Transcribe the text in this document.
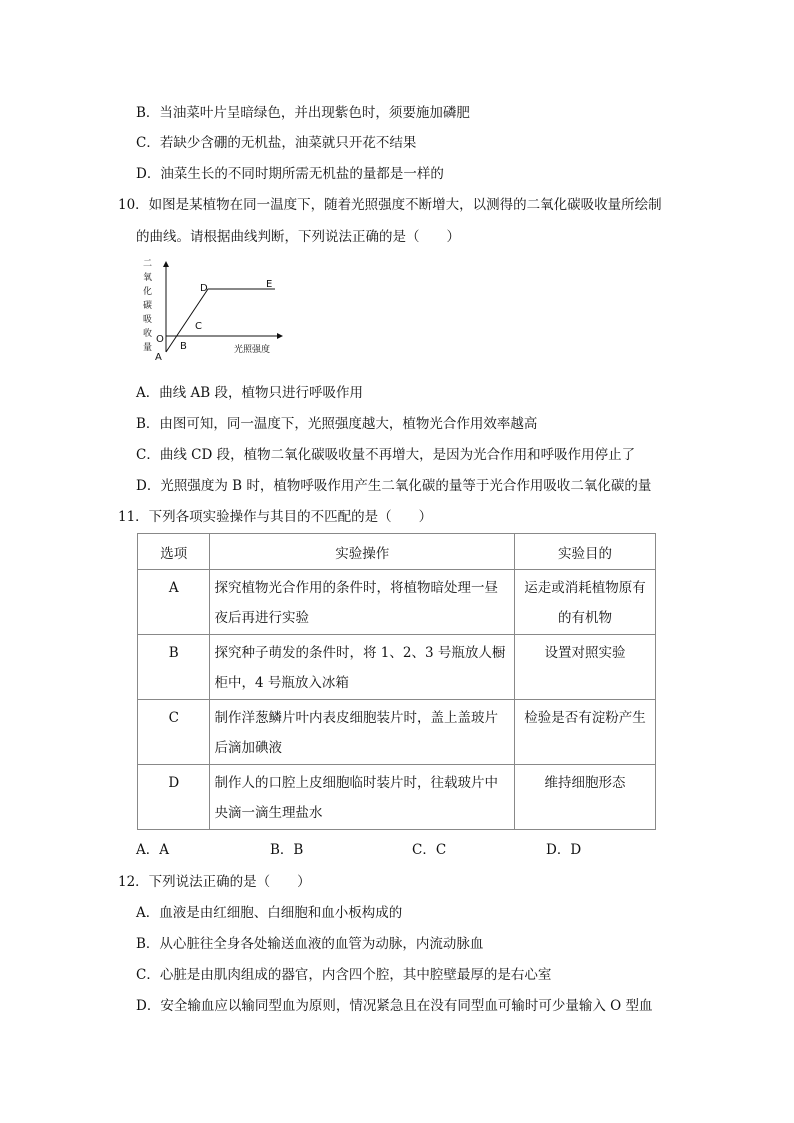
B．当油菜叶片呈暗绿色，并出现紫色时，须要施加磷肥
C．若缺少含硼的无机盐，油菜就只开花不结果
D．油菜生长的不同时期所需无机盐的量都是一样的
10．如图是某植物在同一温度下，随着光照强度不断增大，以测得的二氧化碳吸收量所绘制
的曲线。请根据曲线判断，下列说法正确的是（　　）
二
氧
化
碳
吸
收
量	光照强度
O
A
B
C
D	E
A．曲线 AB 段，植物只进行呼吸作用
B．由图可知，同一温度下，光照强度越大，植物光合作用效率越高
C．曲线 CD 段，植物二氧化碳吸收量不再增大，是因为光合作用和呼吸作用停止了
D．光照强度为 B 时，植物呼吸作用产生二氧化碳的量等于光合作用吸收二氧化碳的量
11．下列各项实验操作与其目的不匹配的是（　　）
选项	实验操作	实验目的

A	探究植物光合作用的条件时，将植物暗处理一昼
夜后再进行实验	运走或消耗植物原有
的有机物

B	探究种子萌发的条件时，将 1、2、3 号瓶放人橱
柜中，4 号瓶放入冰箱	设置对照实验

C	制作洋葱鳞片叶内表皮细胞装片时，盖上盖玻片
后滴加碘液	检验是否有淀粉产生

D	制作人的口腔上皮细胞临时装片时，往载玻片中
央滴一滴生理盐水	维持细胞形态
A．A	B．B	C．C	D．D
12．下列说法正确的是（　　）
A．血液是由红细胞、白细胞和血小板构成的
B．从心脏往全身各处输送血液的血管为动脉，内流动脉血
C．心脏是由肌肉组成的器官，内含四个腔，其中腔壁最厚的是右心室
D．安全输血应以输同型血为原则，情况紧急且在没有同型血可输时可少量输入 O 型血
